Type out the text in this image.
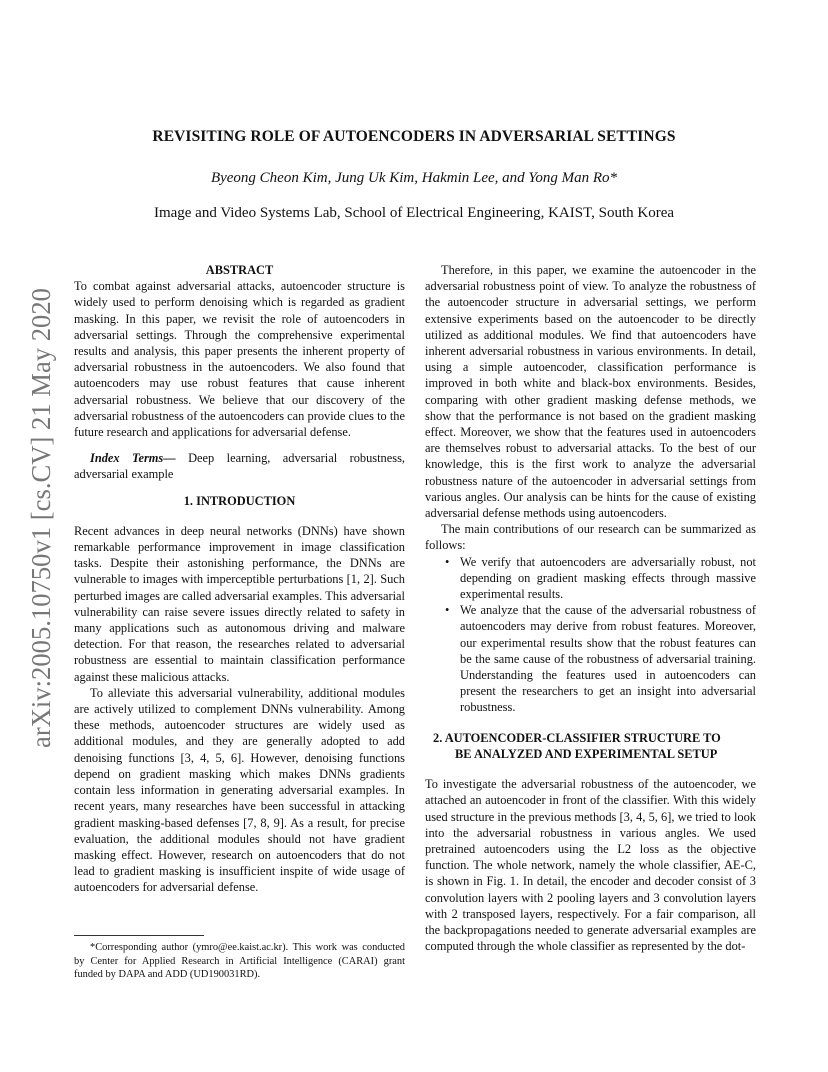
arXiv:2005.10750v1 [cs.CV] 21 May 2020
REVISITING ROLE OF AUTOENCODERS IN ADVERSARIAL SETTINGS
Byeong Cheon Kim, Jung Uk Kim, Hakmin Lee, and Yong Man Ro*
Image and Video Systems Lab, School of Electrical Engineering, KAIST, South Korea

ABSTRACT

To combat against adversarial attacks, autoencoder structure is widely used to perform denoising which is regarded as gradient masking. In this paper, we revisit the role of autoencoders in adversarial settings. Through the comprehensive experimental results and analysis, this paper presents the inherent property of adversarial robustness in the autoencoders. We also found that autoencoders may use robust features that cause inherent adversarial robustness. We believe that our discovery of the adversarial robustness of the autoencoders can provide clues to the future research and applications for adversarial defense.

Index Terms— Deep learning, adversarial robustness, adversarial example

1. INTRODUCTION

Recent advances in deep neural networks (DNNs) have shown remarkable performance improvement in image classification tasks. Despite their astonishing performance, the DNNs are vulnerable to images with imperceptible perturbations [1, 2]. Such perturbed images are called adversarial examples. This adversarial vulnerability can raise severe issues directly related to safety in many applications such as autonomous driving and malware detection. For that reason, the researches related to adversarial robustness are essential to maintain classification performance against these malicious attacks.

To alleviate this adversarial vulnerability, additional modules are actively utilized to complement DNNs vulnerability. Among these methods, autoencoder structures are widely used as additional modules, and they are generally adopted to add denoising functions [3, 4, 5, 6]. However, denoising functions depend on gradient masking which makes DNNs gradients contain less information in generating adversarial examples. In recent years, many researches have been successful in attacking gradient masking-based defenses [7, 8, 9]. As a result, for precise evaluation, the additional modules should not have gradient masking effect. However, research on autoencoders that do not lead to gradient masking is insufficient inspite of wide usage of autoencoders for adversarial defense.

*Corresponding author (ymro@ee.kaist.ac.kr). This work was conducted by Center for Applied Research in Artificial Intelligence (CARAI) grant funded by DAPA and ADD (UD190031RD).

Therefore, in this paper, we examine the autoencoder in the adversarial robustness point of view. To analyze the robustness of the autoencoder structure in adversarial settings, we perform extensive experiments based on the autoencoder to be directly utilized as additional modules. We find that autoencoders have inherent adversarial robustness in various environments. In detail, using a simple autoencoder, classification performance is improved in both white and black-box environments. Besides, comparing with other gradient masking defense methods, we show that the performance is not based on the gradient masking effect. Moreover, we show that the features used in autoencoders are themselves robust to adversarial attacks. To the best of our knowledge, this is the first work to analyze the adversarial robustness nature of the autoencoder in adversarial settings from various angles. Our analysis can be hints for the cause of existing adversarial defense methods using autoencoders.

The main contributions of our research can be summarized as follows:

• We verify that autoencoders are adversarially robust, not depending on gradient masking effects through massive experimental results.
• We analyze that the cause of the adversarial robustness of autoencoders may derive from robust features. Moreover, our experimental results show that the robust features can be the same cause of the robustness of adversarial training. Understanding the features used in autoencoders can present the researchers to get an insight into adversarial robustness.

2. AUTOENCODER-CLASSIFIER STRUCTURE TO
BE ANALYZED AND EXPERIMENTAL SETUP

To investigate the adversarial robustness of the autoencoder, we attached an autoencoder in front of the classifier. With this widely used structure in the previous methods [3, 4, 5, 6], we tried to look into the adversarial robustness in various angles. We used pretrained autoencoders using the L2 loss as the objective function. The whole network, namely the whole classifier, AE-C, is shown in Fig. 1. In detail, the encoder and decoder consist of 3 convolution layers with 2 pooling layers and 3 convolution layers with 2 transposed layers, respectively. For a fair comparison, all the backpropagations needed to generate adversarial examples are computed through the whole classifier as represented by the dot-
